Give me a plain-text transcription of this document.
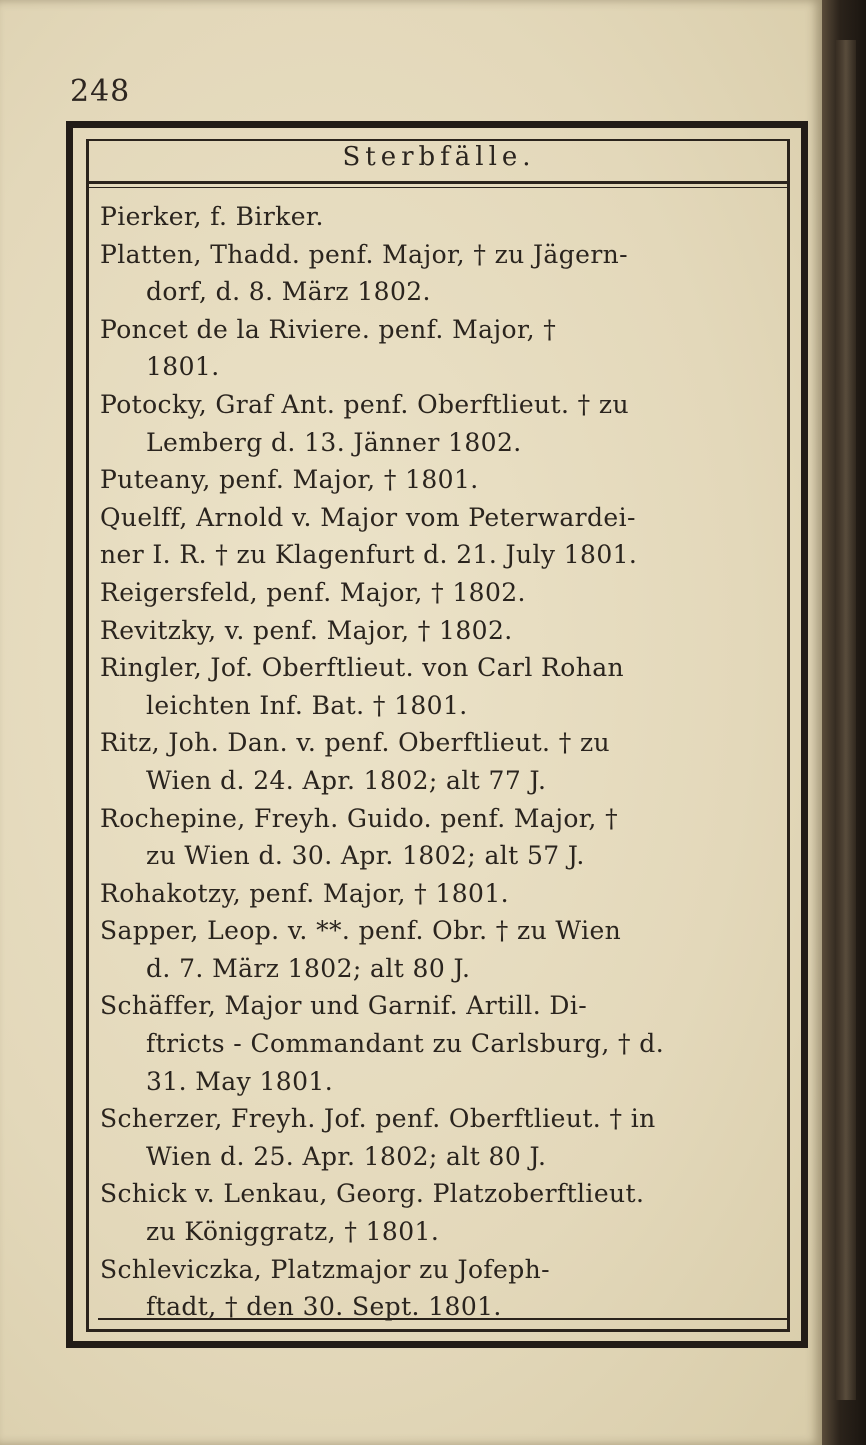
248
Sterbfälle.
Pierker, f. Birker.
Platten, Thadd. penf. Major, † zu Jägern-
dorf, d. 8. März 1802.
Poncet de la Riviere. penf. Major, †
1801.
Potocky, Graf Ant. penf. Oberftlieut. † zu
Lemberg d. 13. Jänner 1802.
Puteany, penf. Major, † 1801.
Quelff, Arnold v. Major vom Peterwardei-
ner I. R. † zu Klagenfurt d. 21. July 1801.
Reigersfeld, penf. Major, † 1802.
Revitzky, v. penf. Major, † 1802.
Ringler, Jof. Oberftlieut. von Carl Rohan
leichten Inf. Bat. † 1801.
Ritz, Joh. Dan. v. penf. Oberftlieut. † zu
Wien d. 24. Apr. 1802; alt 77 J.
Rochepine, Freyh. Guido. penf. Major, †
zu Wien d. 30. Apr. 1802; alt 57 J.
Rohakotzy, penf. Major, † 1801.
Sapper, Leop. v. **. penf. Obr. † zu Wien
d. 7. März 1802; alt 80 J.
Schäffer, Major und Garnif. Artill. Di-
ftricts - Commandant zu Carlsburg, † d.
31. May 1801.
Scherzer, Freyh. Jof. penf. Oberftlieut. † in
Wien d. 25. Apr. 1802; alt 80 J.
Schick v. Lenkau, Georg. Platzoberftlieut.
zu Königgratz, † 1801.
Schleviczka, Platzmajor zu Jofeph-
ftadt, † den 30. Sept. 1801.
